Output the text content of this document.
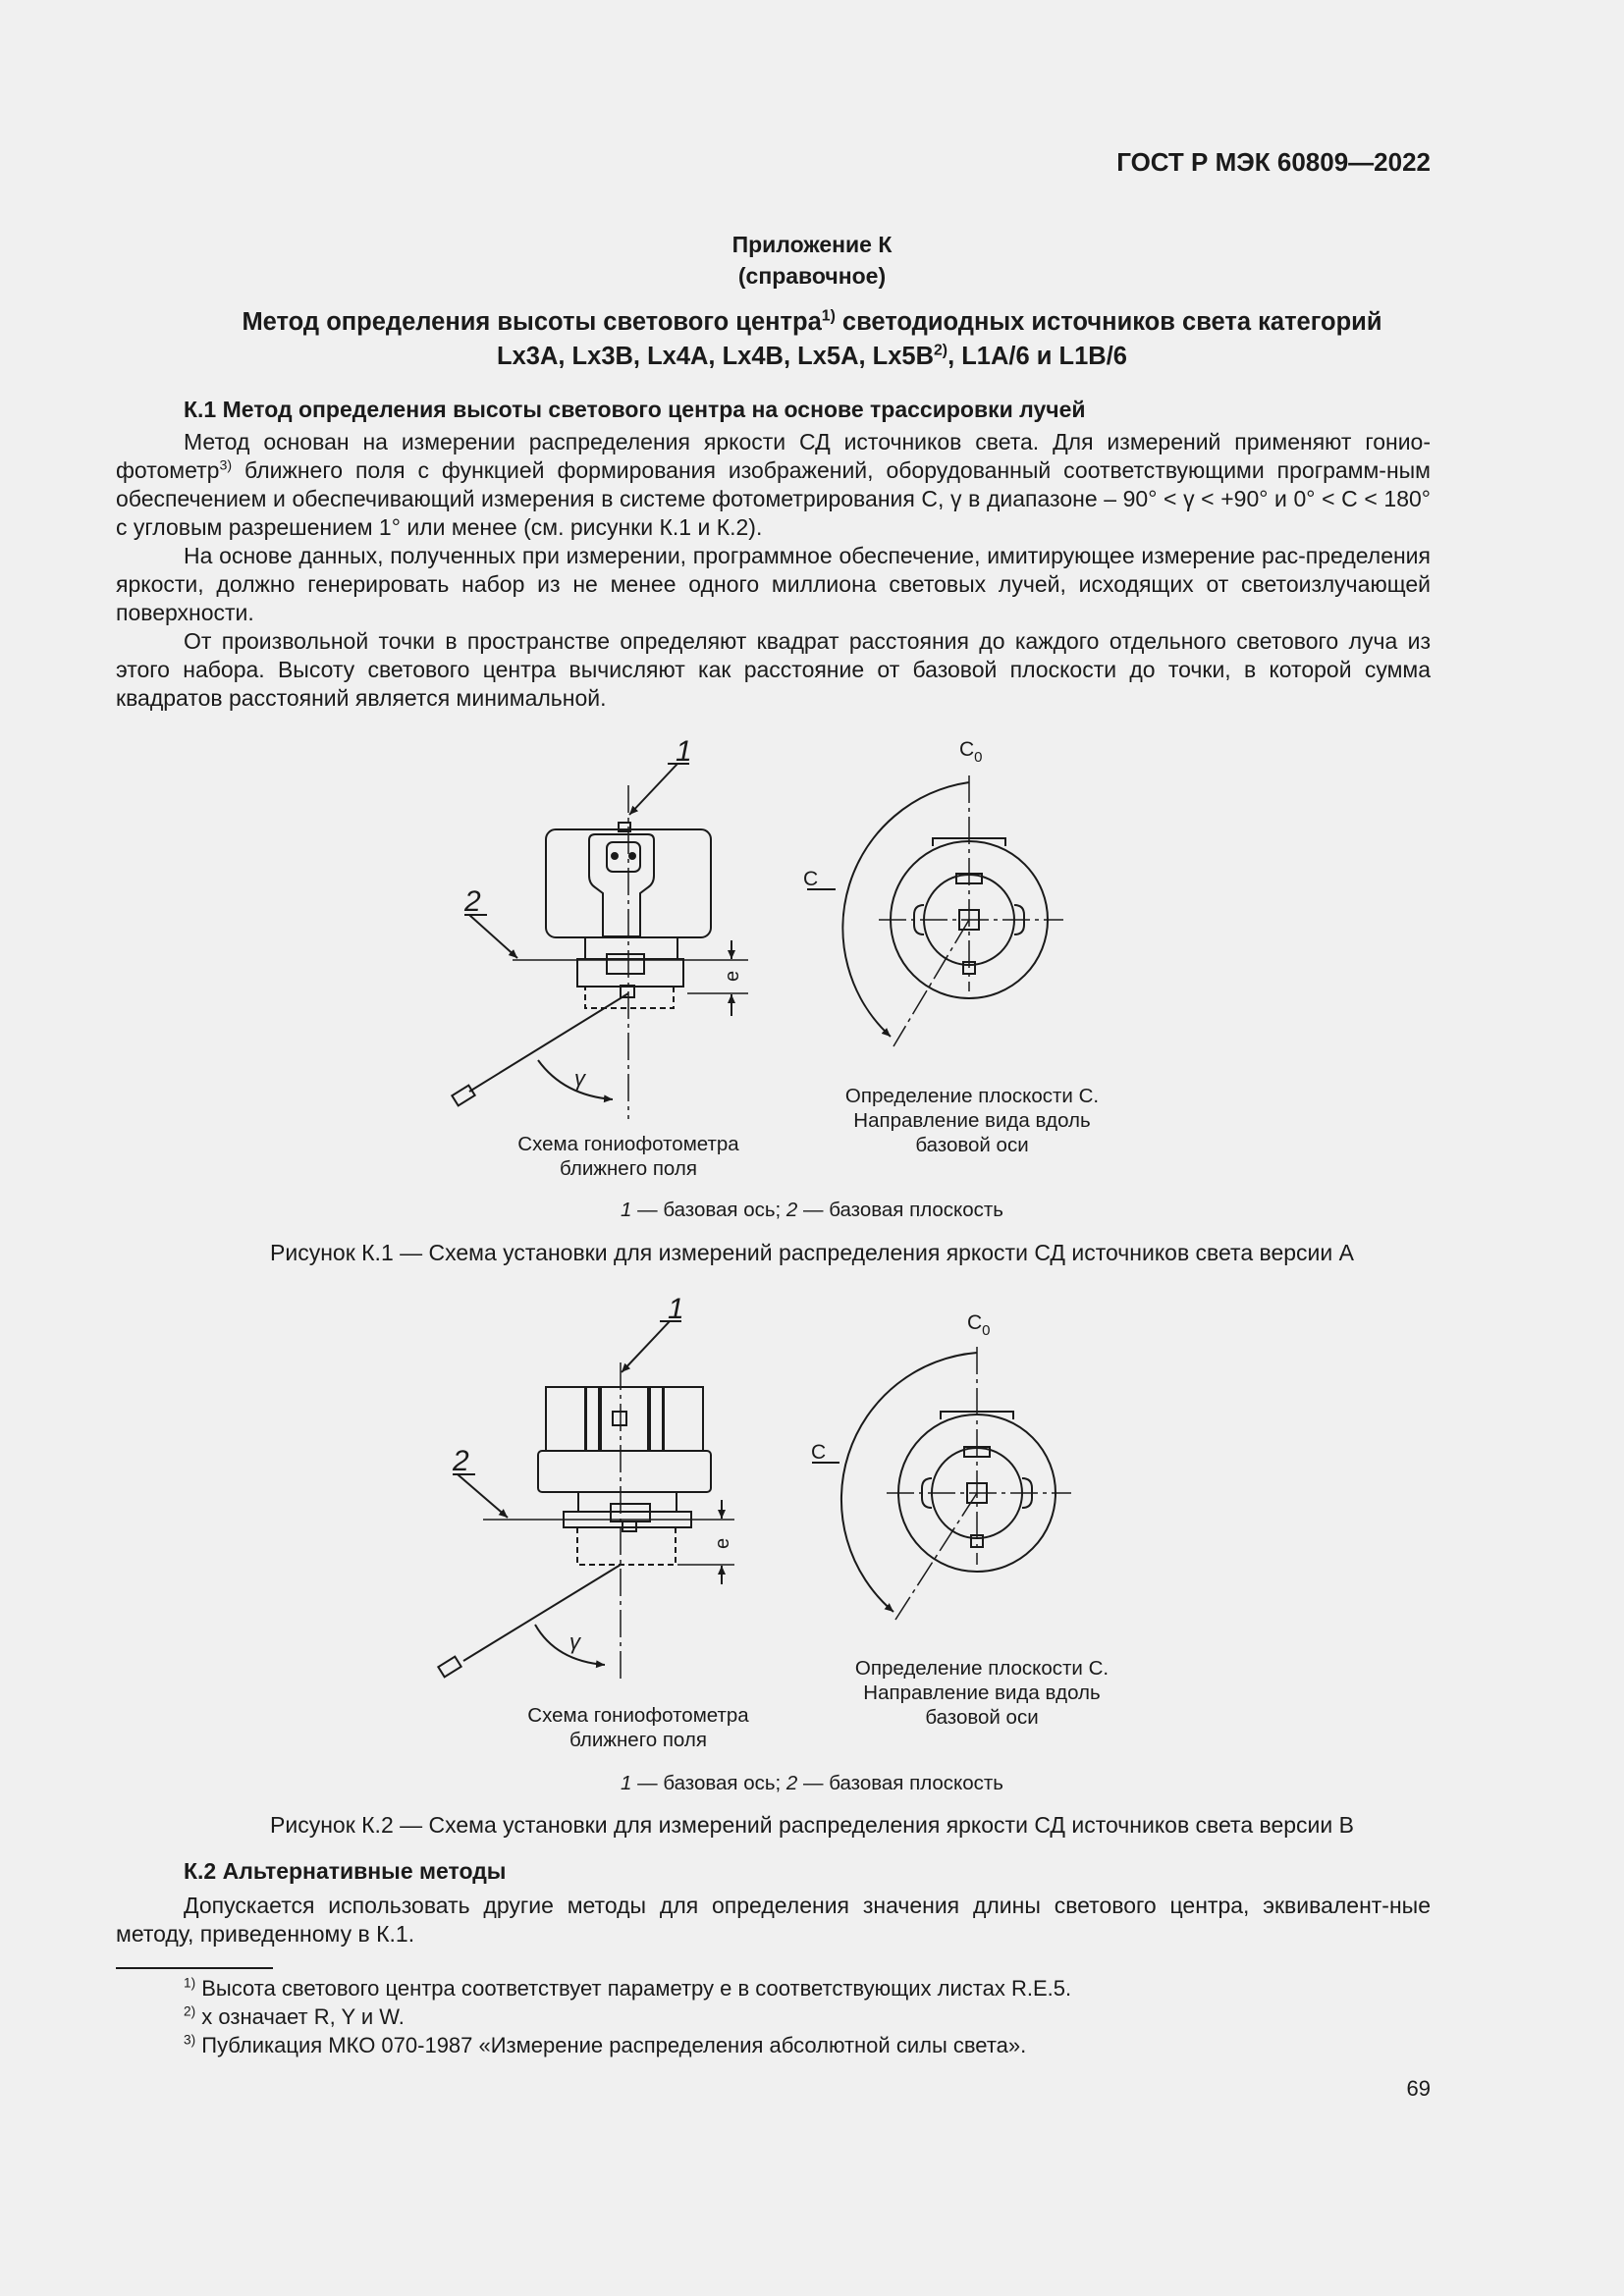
ГОСТ Р МЭК 60809—2022
Приложение К
(справочное)
Метод определения высоты светового центра$^{1)}$ светодиодных источников света категорий
Lx3A, Lx3B, Lx4A, Lx4B, Lx5A, $Lx5B^{2)}$, L1A/6 и L1B/6
К.1 Метод определения высоты светового центра на основе трассировки лучей
Метод основан на измерении распределения яркости СД источников света. Для измерений применяют гонио-фотометр$^{3)}$ ближнего поля с функцией формирования изображений, оборудованный соответствующими программ-ным обеспечением и обеспечивающий измерения в системе фотометрирования C, γ в диапазоне – 90° < γ < +90° и 0° < C < 180° с угловым разрешением 1° или менее (см. рисунки К.1 и К.2).
На основе данных, полученных при измерении, программное обеспечение, имитирующее измерение рас-пределения яркости, должно генерировать набор из не менее одного миллиона световых лучей, исходящих от светоизлучающей поверхности.
От произвольной точки в пространстве определяют квадрат расстояния до каждого отдельного светового луча из этого набора. Высоту светового центра вычисляют как расстояние от базовой плоскости до точки, в которой сумма квадратов расстояний является минимальной.
1
2
e
γ
$C_0$
C
1
2
e
γ
$C_0$
C
Схема гониофотометра
ближнего поля
Определение плоскости С.
Направление вида вдоль
базовой оси
1 — базовая ось; 2 — базовая плоскость
Рисунок К.1 — Схема установки для измерений распределения яркости СД источников света версии А
Схема гониофотометра
ближнего поля
Определение плоскости С.
Направление вида вдоль
базовой оси
1 — базовая ось; 2 — базовая плоскость
Рисунок К.2 — Схема установки для измерений распределения яркости СД источников света версии В
К.2 Альтернативные методы
Допускается использовать другие методы для определения значения длины светового центра, эквивалент-ные методу, приведенному в К.1.
$^{1)}$ Высота светового центра соответствует параметру e в соответствующих листах R.E.5.
$^{2)}$ x означает R, Y и W.
$^{3)}$ Публикация МКО 070-1987 «Измерение распределения абсолютной силы света».
69
